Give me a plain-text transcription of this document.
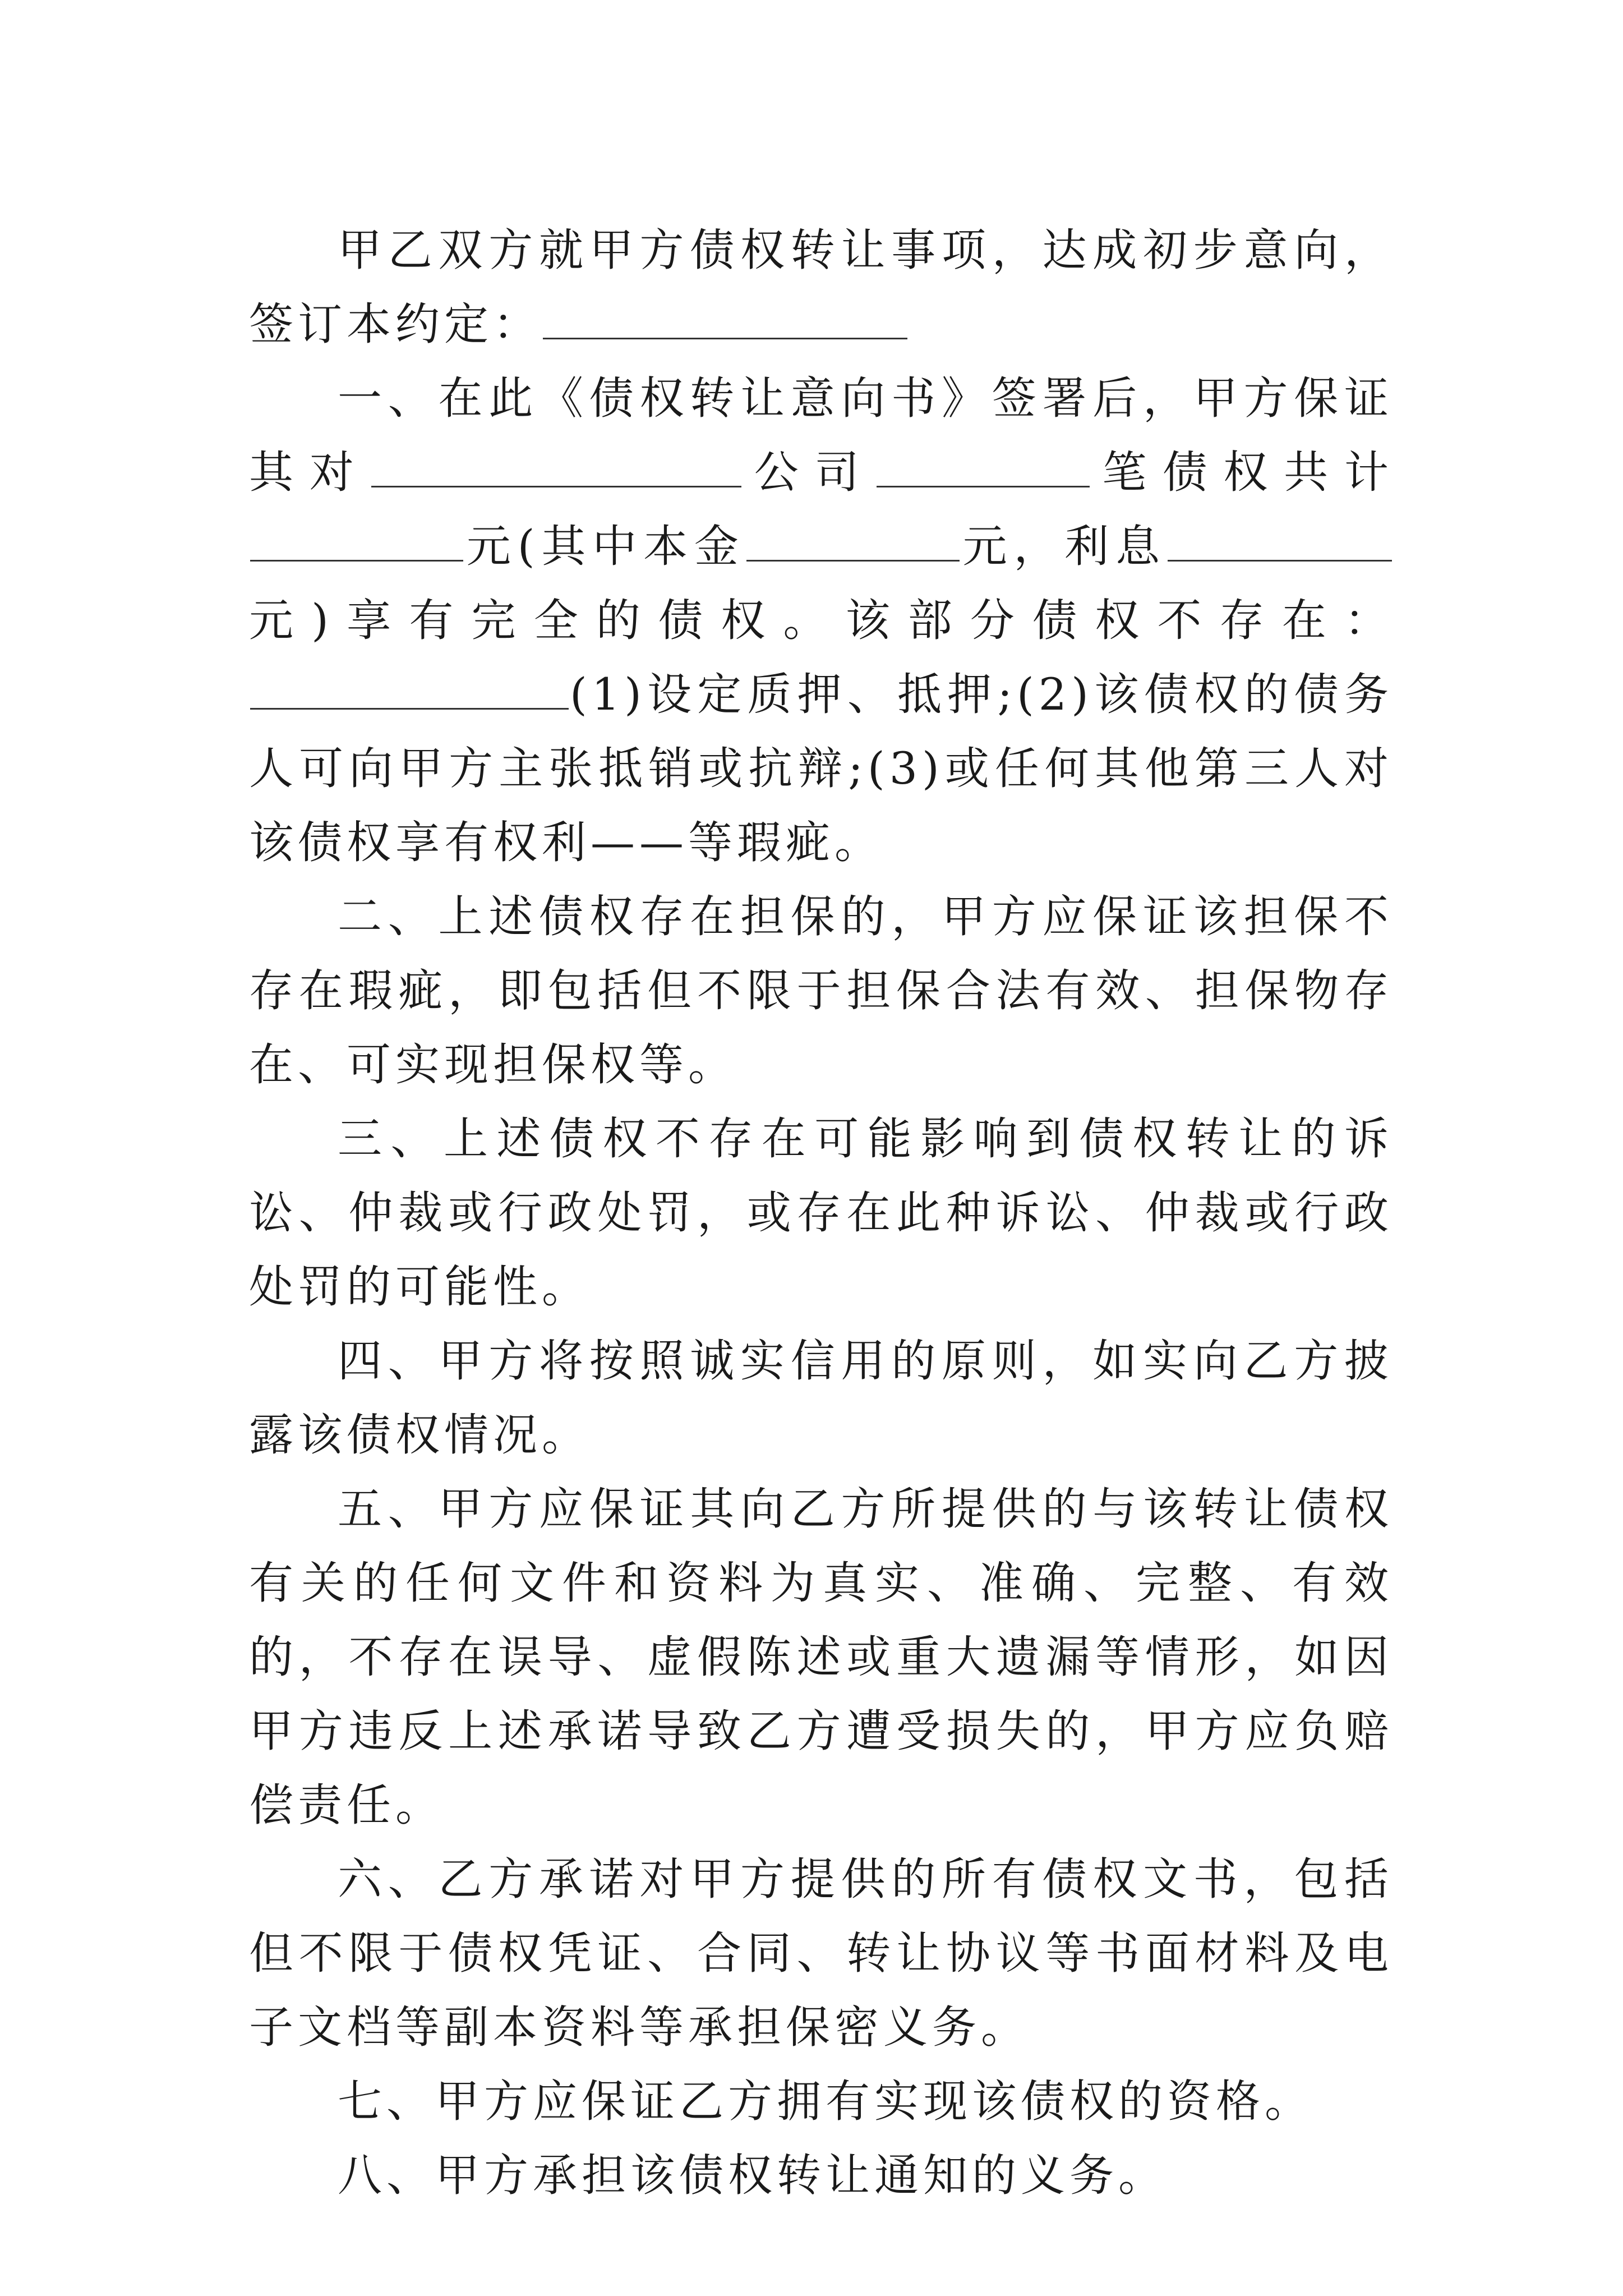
甲乙双方就甲方债权转让事项，达成初步意向，签订本约定：

一、在此《债权转让意向书》签署后，甲方保证其对	公司	笔债权共计元(其中本金	元，利息元)享有完全的债权。该部分债权不存在：(1)设定质押、抵押;(2)该债权的债务人可向甲方主张抵销或抗辩;(3)或任何其他第三人对该债权享有权利——等瑕疵。

二、上述债权存在担保的，甲方应保证该担保不存在瑕疵，即包括但不限于担保合法有效、担保物存在、可实现担保权等。

三、上述债权不存在可能影响到债权转让的诉讼、仲裁或行政处罚，或存在此种诉讼、仲裁或行政处罚的可能性。

四、甲方将按照诚实信用的原则，如实向乙方披露该债权情况。

五、甲方应保证其向乙方所提供的与该转让债权有关的任何文件和资料为真实、准确、完整、有效的，不存在误导、虚假陈述或重大遗漏等情形，如因甲方违反上述承诺导致乙方遭受损失的，甲方应负赔偿责任。

六、乙方承诺对甲方提供的所有债权文书，包括但不限于债权凭证、合同、转让协议等书面材料及电子文档等副本资料等承担保密义务。

七、甲方应保证乙方拥有实现该债权的资格。

八、甲方承担该债权转让通知的义务。
